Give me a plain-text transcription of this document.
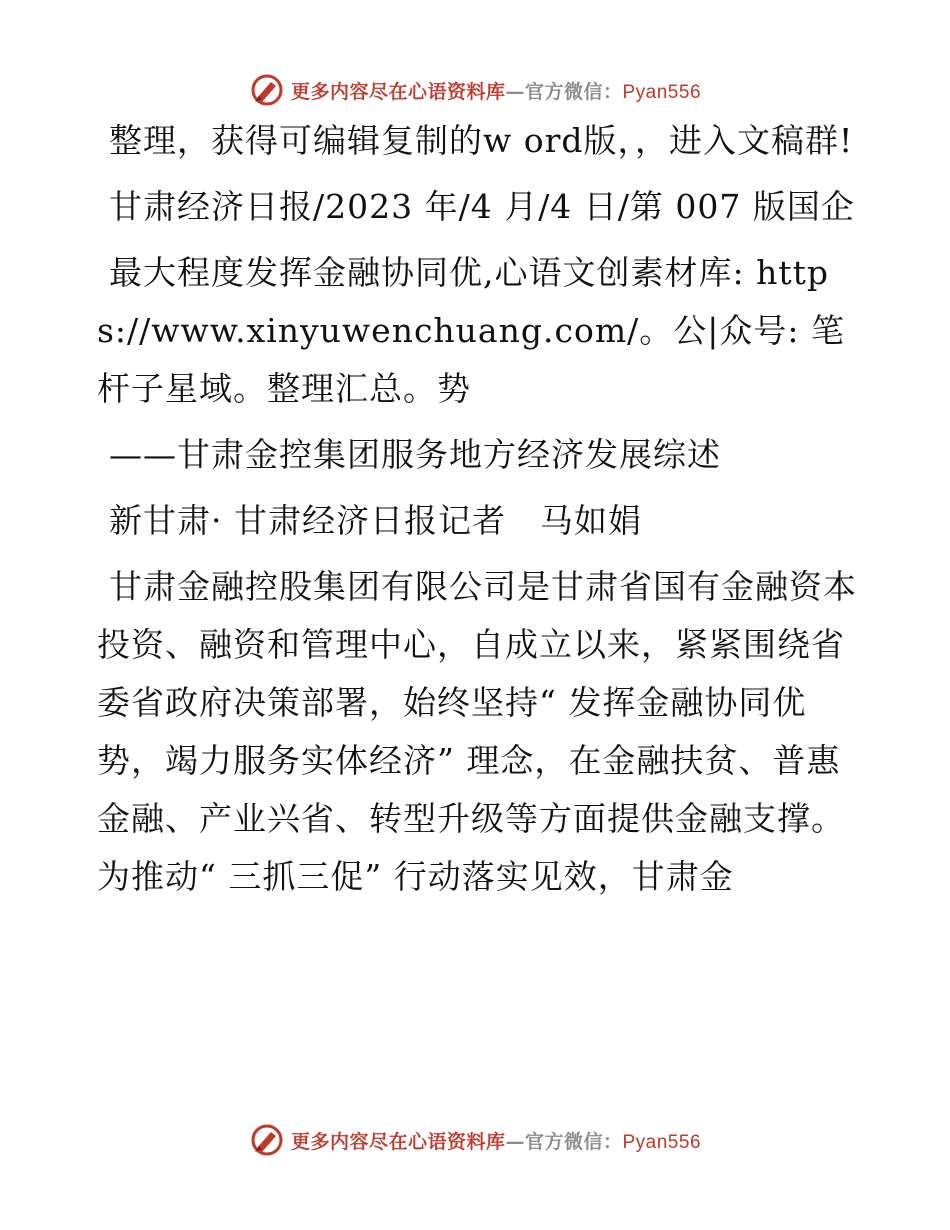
更多内容尽在心语资料库—官方微信：Pyan556

整理，获得可编辑复制的w ord版，，进入文稿群!

甘肃经济日报/2023 年/4 月/4 日/第 007 版国企

最大程度发挥金融协同优,心语文创素材库: https://www.xinyuwenchuang.com/。公|众号: 笔杆子星域。整理汇总。势

——甘肃金控集团服务地方经济发展综述

新甘肃· 甘肃经济日报记者　马如娟

甘肃金融控股集团有限公司是甘肃省国有金融资本投资、融资和管理中心，自成立以来，紧紧围绕省委省政府决策部署，始终坚持“ 发挥金融协同优势，竭力服务实体经济” 理念，在金融扶贫、普惠金融、产业兴省、转型升级等方面提供金融支撑。为推动“ 三抓三促” 行动落实见效，甘肃金

更多内容尽在心语资料库—官方微信：Pyan556
